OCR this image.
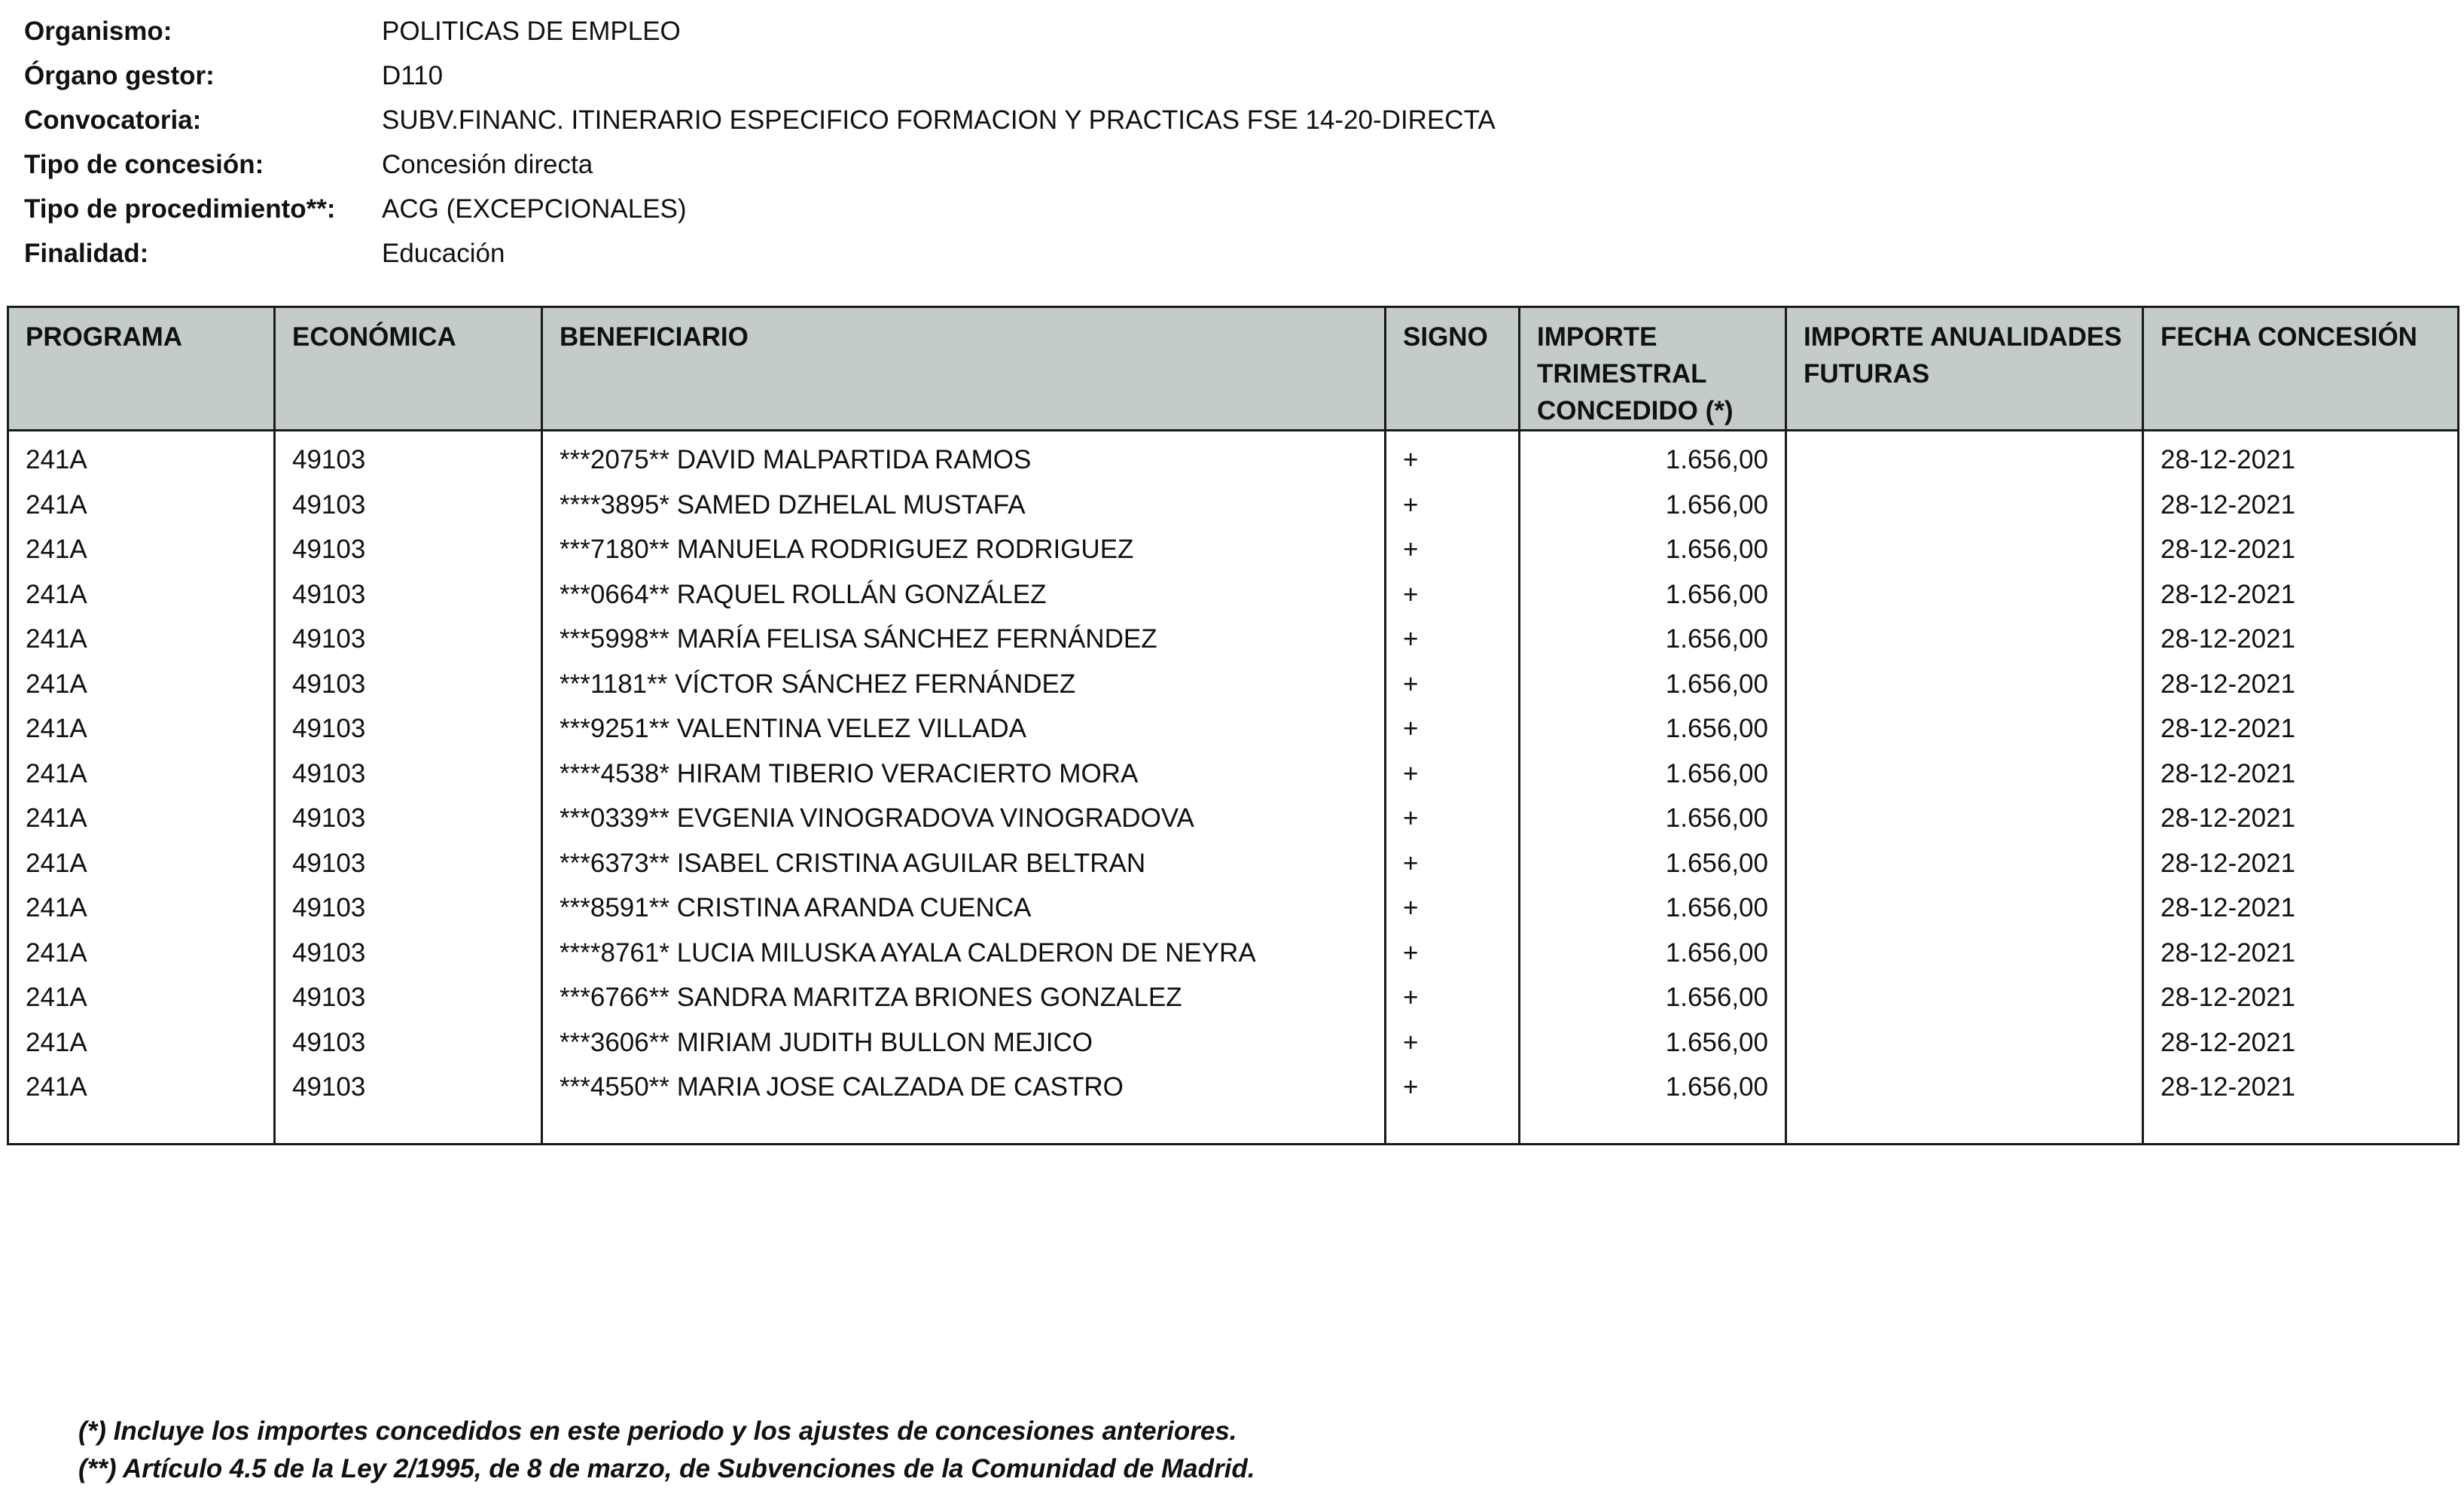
Organismo:	POLITICAS DE EMPLEO
Órgano gestor:	D110
Convocatoria:	SUBV.FINANC. ITINERARIO ESPECIFICO FORMACION Y PRACTICAS FSE 14-20-DIRECTA
Tipo de concesión:	Concesión directa
Tipo de procedimiento**:	ACG (EXCEPCIONALES)
Finalidad:	Educación
PROGRAMA	ECONÓMICA	BENEFICIARIO	SIGNO	IMPORTE TRIMESTRAL CONCEDIDO (*)	IMPORTE ANUALIDADES FUTURAS	FECHA CONCESIÓN
241A	49103	***2075** DAVID MALPARTIDA RAMOS	+	1.656,00		28-12-2021
241A	49103	****3895* SAMED DZHELAL MUSTAFA	+	1.656,00		28-12-2021
241A	49103	***7180** MANUELA RODRIGUEZ RODRIGUEZ	+	1.656,00		28-12-2021
241A	49103	***0664** RAQUEL ROLLÁN GONZÁLEZ	+	1.656,00		28-12-2021
241A	49103	***5998** MARÍA FELISA SÁNCHEZ FERNÁNDEZ	+	1.656,00		28-12-2021
241A	49103	***1181** VÍCTOR SÁNCHEZ FERNÁNDEZ	+	1.656,00		28-12-2021
241A	49103	***9251** VALENTINA VELEZ VILLADA	+	1.656,00		28-12-2021
241A	49103	****4538* HIRAM TIBERIO VERACIERTO MORA	+	1.656,00		28-12-2021
241A	49103	***0339** EVGENIA VINOGRADOVA VINOGRADOVA	+	1.656,00		28-12-2021
241A	49103	***6373** ISABEL CRISTINA AGUILAR BELTRAN	+	1.656,00		28-12-2021
241A	49103	***8591** CRISTINA ARANDA CUENCA	+	1.656,00		28-12-2021
241A	49103	****8761* LUCIA MILUSKA AYALA CALDERON DE NEYRA	+	1.656,00		28-12-2021
241A	49103	***6766** SANDRA MARITZA BRIONES GONZALEZ	+	1.656,00		28-12-2021
241A	49103	***3606** MIRIAM JUDITH BULLON MEJICO	+	1.656,00		28-12-2021
241A	49103	***4550** MARIA JOSE CALZADA DE CASTRO	+	1.656,00		28-12-2021

(*) Incluye los importes concedidos en este periodo y los ajustes de concesiones anteriores.
(**) Artículo 4.5 de la Ley 2/1995, de 8 de marzo, de Subvenciones de la Comunidad de Madrid.
